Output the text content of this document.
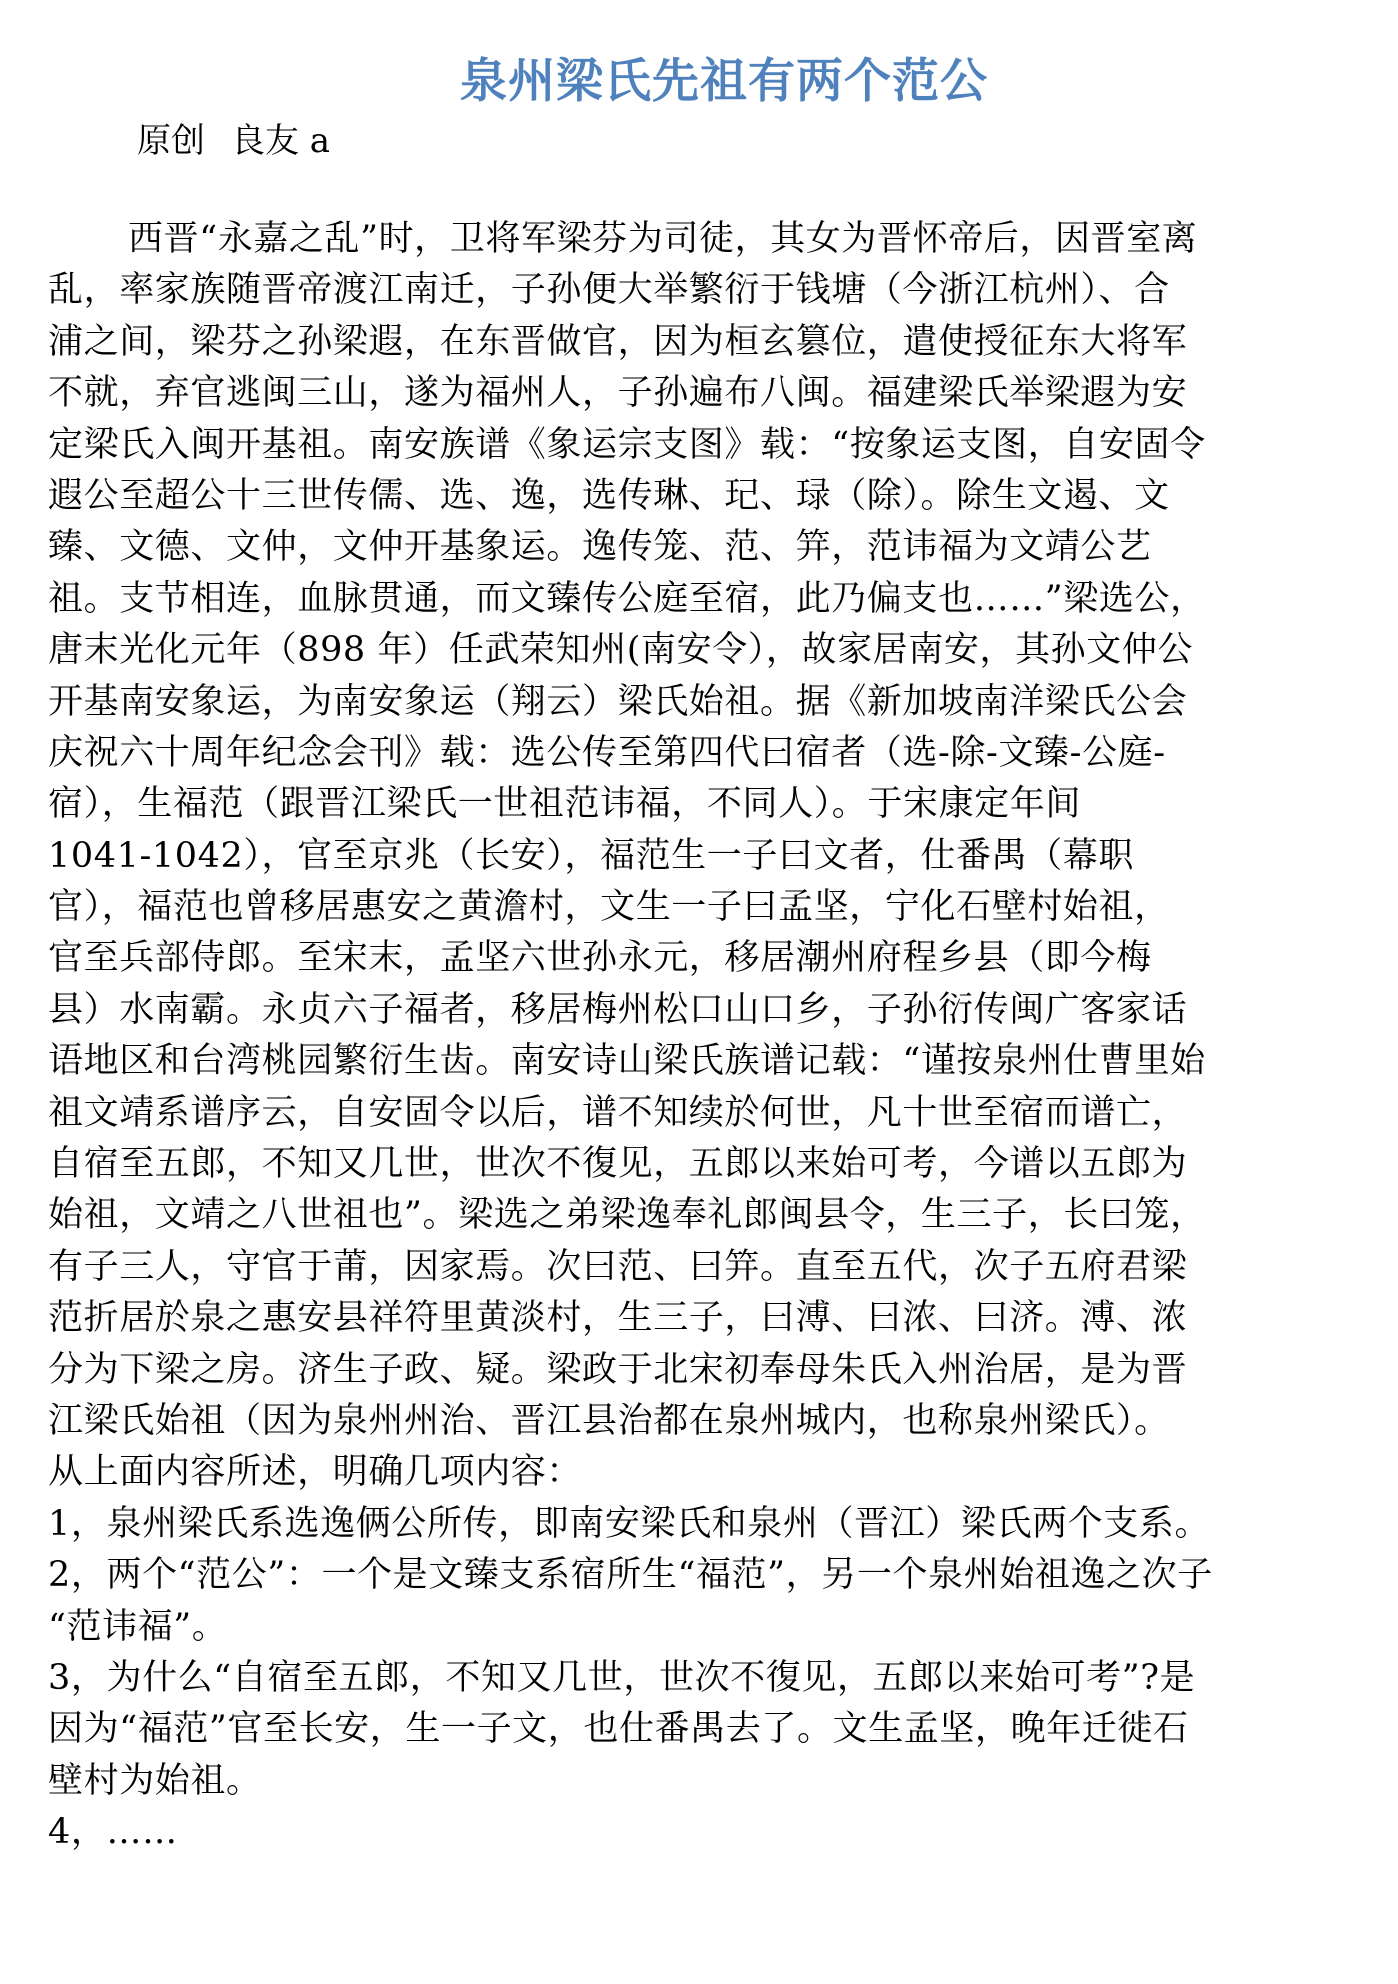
泉州梁氏先祖有两个范公
原创 良友 a
西晋“永嘉之乱”时，卫将军梁芬为司徒，其女为晋怀帝后，因晋室离
乱，率家族随晋帝渡江南迁，子孙便大举繁衍于钱塘（今浙江杭州）、合
浦之间，梁芬之孙梁遐，在东晋做官，因为桓玄篡位，遣使授征东大将军
不就，弃官逃闽三山，遂为福州人，子孙遍布八闽。福建梁氏举梁遐为安
定梁氏入闽开基祖。南安族谱《象运宗支图》载：“按象运支图，自安固令
遐公至超公十三世传儒、选、逸，选传琳、玘、琭（除）。除生文遏、文
臻、文德、文仲，文仲开基象运。逸传笼、范、笄，范讳福为文靖公艺
祖。支节相连，血脉贯通，而文臻传公庭至宿，此乃偏支也……”梁选公，
唐末光化元年（898 年）任武荣知州(南安令），故家居南安，其孙文仲公
开基南安象运，为南安象运（翔云）梁氏始祖。据《新加坡南洋梁氏公会
庆祝六十周年纪念会刊》载：选公传至第四代曰宿者（选-除-文臻-公庭-
宿），生福范（跟晋江梁氏一世祖范讳福，不同人）。于宋康定年间
1041-1042），官至京兆（长安），福范生一子曰文者，仕番禺（幕职
官），福范也曾移居惠安之黄澹村，文生一子曰孟坚，宁化石壁村始祖，
官至兵部侍郎。至宋末，孟坚六世孙永元，移居潮州府程乡县（即今梅
县）水南霸。永贞六子福者，移居梅州松口山口乡，子孙衍传闽广客家话
语地区和台湾桃园繁衍生齿。南安诗山梁氏族谱记载：“谨按泉州仕曹里始
祖文靖系谱序云，自安固令以后，谱不知续於何世，凡十世至宿而谱亡，
自宿至五郎，不知又几世，世次不復见，五郎以来始可考，今谱以五郎为
始祖，文靖之八世祖也”。梁选之弟梁逸奉礼郎闽县令，生三子，长曰笼，
有子三人，守官于莆，因家焉。次曰范、曰笄。直至五代，次子五府君梁
范折居於泉之惠安县祥符里黄淡村，生三子，曰溥、曰浓、曰济。溥、浓
分为下梁之房。济生子政、疑。梁政于北宋初奉母朱氏入州治居，是为晋
江梁氏始祖（因为泉州州治、晋江县治都在泉州城内，也称泉州梁氏）。
从上面内容所述，明确几项内容：
1，泉州梁氏系选逸俩公所传，即南安梁氏和泉州（晋江）梁氏两个支系。
2，两个“范公”：一个是文臻支系宿所生“福范”，另一个泉州始祖逸之次子
“范讳福”。
3，为什么“自宿至五郎，不知又几世，世次不復见，五郎以来始可考”?是
因为“福范”官至长安，生一子文，也仕番禺去了。文生孟坚，晚年迁徙石
壁村为始祖。
4，……
